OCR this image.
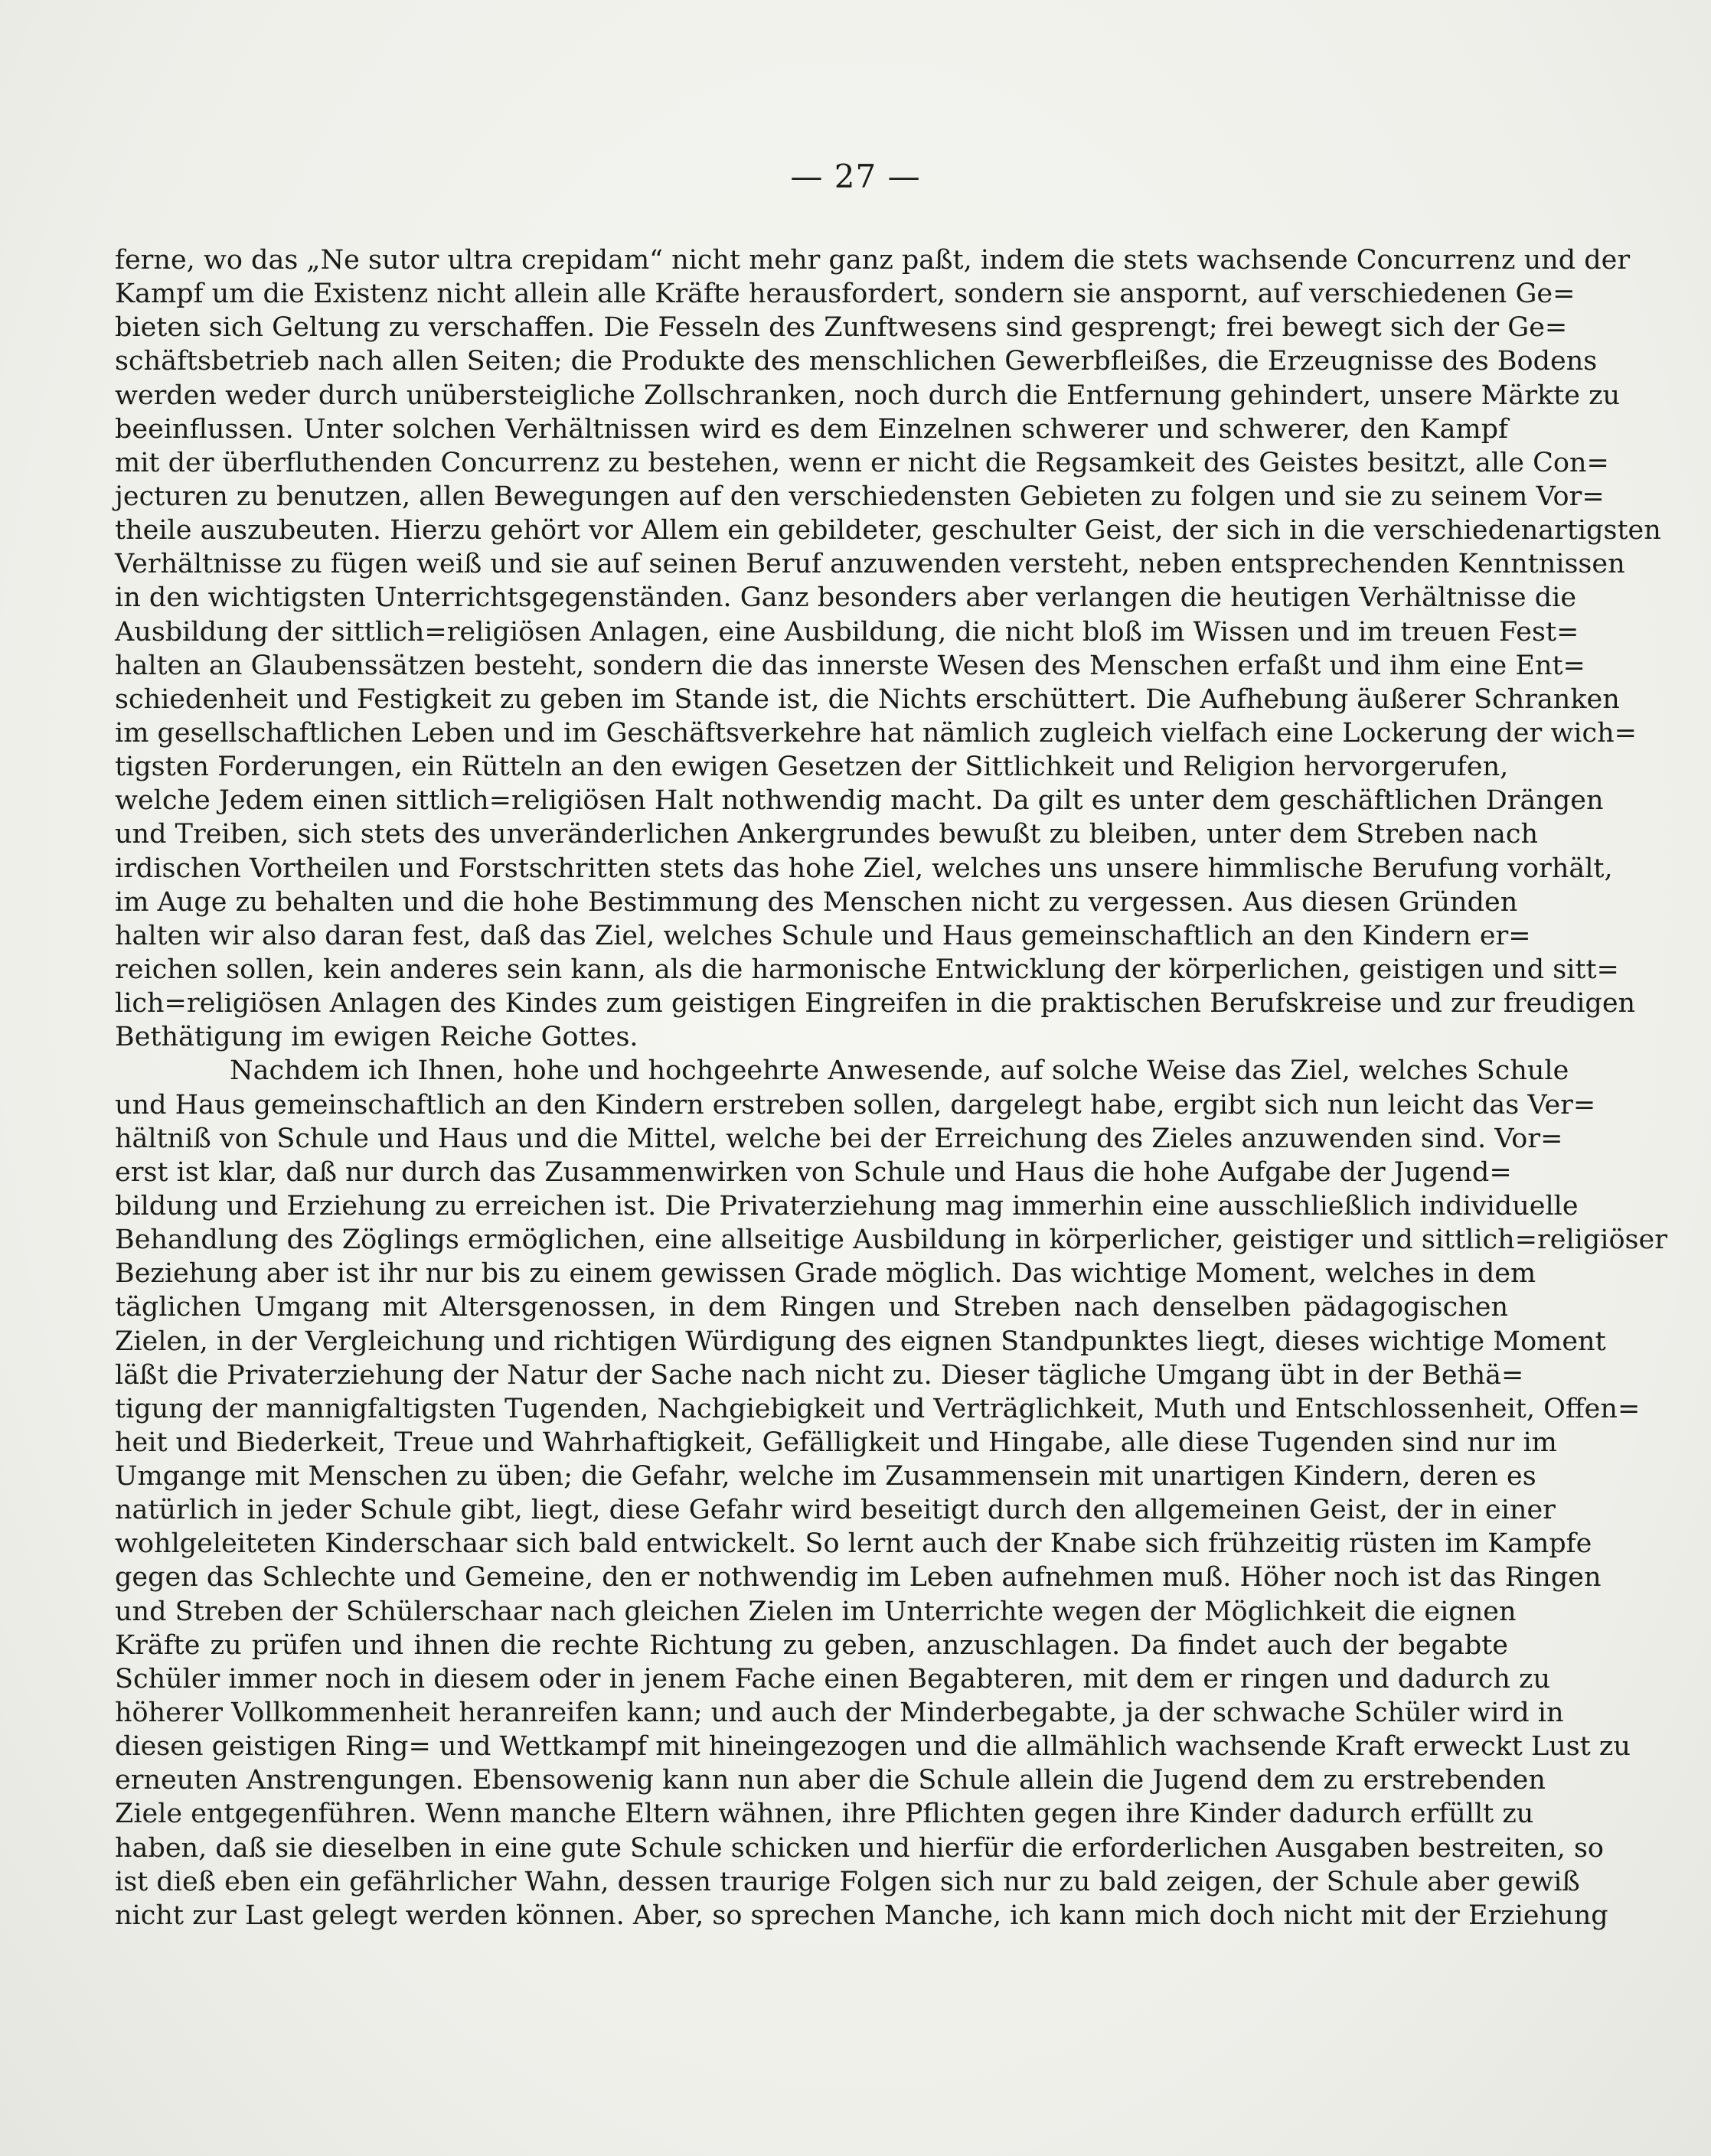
— 27 —
ferne, wo das „Ne sutor ultra crepidam“ nicht mehr ganz paßt, indem die stets wachsende Concurrenz und der
Kampf um die Existenz nicht allein alle Kräfte herausfordert, sondern sie anspornt, auf verschiedenen Ge=
bieten sich Geltung zu verschaffen. Die Fesseln des Zunftwesens sind gesprengt; frei bewegt sich der Ge=
schäftsbetrieb nach allen Seiten; die Produkte des menschlichen Gewerbfleißes, die Erzeugnisse des Bodens
werden weder durch unübersteigliche Zollschranken, noch durch die Entfernung gehindert, unsere Märkte zu
beeinflussen. Unter solchen Verhältnissen wird es dem Einzelnen schwerer und schwerer, den Kampf
mit der überfluthenden Concurrenz zu bestehen, wenn er nicht die Regsamkeit des Geistes besitzt, alle Con=
jecturen zu benutzen, allen Bewegungen auf den verschiedensten Gebieten zu folgen und sie zu seinem Vor=
theile auszubeuten. Hierzu gehört vor Allem ein gebildeter, geschulter Geist, der sich in die verschiedenartigsten
Verhältnisse zu fügen weiß und sie auf seinen Beruf anzuwenden versteht, neben entsprechenden Kenntnissen
in den wichtigsten Unterrichtsgegenständen. Ganz besonders aber verlangen die heutigen Verhältnisse die
Ausbildung der sittlich=religiösen Anlagen, eine Ausbildung, die nicht bloß im Wissen und im treuen Fest=
halten an Glaubenssätzen besteht, sondern die das innerste Wesen des Menschen erfaßt und ihm eine Ent=
schiedenheit und Festigkeit zu geben im Stande ist, die Nichts erschüttert. Die Aufhebung äußerer Schranken
im gesellschaftlichen Leben und im Geschäftsverkehre hat nämlich zugleich vielfach eine Lockerung der wich=
tigsten Forderungen, ein Rütteln an den ewigen Gesetzen der Sittlichkeit und Religion hervorgerufen,
welche Jedem einen sittlich=religiösen Halt nothwendig macht. Da gilt es unter dem geschäftlichen Drängen
und Treiben, sich stets des unveränderlichen Ankergrundes bewußt zu bleiben, unter dem Streben nach
irdischen Vortheilen und Forstschritten stets das hohe Ziel, welches uns unsere himmlische Berufung vorhält,
im Auge zu behalten und die hohe Bestimmung des Menschen nicht zu vergessen. Aus diesen Gründen
halten wir also daran fest, daß das Ziel, welches Schule und Haus gemeinschaftlich an den Kindern er=
reichen sollen, kein anderes sein kann, als die harmonische Entwicklung der körperlichen, geistigen und sitt=
lich=religiösen Anlagen des Kindes zum geistigen Eingreifen in die praktischen Berufskreise und zur freudigen
Bethätigung im ewigen Reiche Gottes.
Nachdem ich Ihnen, hohe und hochgeehrte Anwesende, auf solche Weise das Ziel, welches Schule
und Haus gemeinschaftlich an den Kindern erstreben sollen, dargelegt habe, ergibt sich nun leicht das Ver=
hältniß von Schule und Haus und die Mittel, welche bei der Erreichung des Zieles anzuwenden sind. Vor=
erst ist klar, daß nur durch das Zusammenwirken von Schule und Haus die hohe Aufgabe der Jugend=
bildung und Erziehung zu erreichen ist. Die Privaterziehung mag immerhin eine ausschließlich individuelle
Behandlung des Zöglings ermöglichen, eine allseitige Ausbildung in körperlicher, geistiger und sittlich=religiöser
Beziehung aber ist ihr nur bis zu einem gewissen Grade möglich. Das wichtige Moment, welches in dem
täglichen Umgang mit Altersgenossen, in dem Ringen und Streben nach denselben pädagogischen
Zielen, in der Vergleichung und richtigen Würdigung des eignen Standpunktes liegt, dieses wichtige Moment
läßt die Privaterziehung der Natur der Sache nach nicht zu. Dieser tägliche Umgang übt in der Bethä=
tigung der mannigfaltigsten Tugenden, Nachgiebigkeit und Verträglichkeit, Muth und Entschlossenheit, Offen=
heit und Biederkeit, Treue und Wahrhaftigkeit, Gefälligkeit und Hingabe, alle diese Tugenden sind nur im
Umgange mit Menschen zu üben; die Gefahr, welche im Zusammensein mit unartigen Kindern, deren es
natürlich in jeder Schule gibt, liegt, diese Gefahr wird beseitigt durch den allgemeinen Geist, der in einer
wohlgeleiteten Kinderschaar sich bald entwickelt. So lernt auch der Knabe sich frühzeitig rüsten im Kampfe
gegen das Schlechte und Gemeine, den er nothwendig im Leben aufnehmen muß. Höher noch ist das Ringen
und Streben der Schülerschaar nach gleichen Zielen im Unterrichte wegen der Möglichkeit die eignen
Kräfte zu prüfen und ihnen die rechte Richtung zu geben, anzuschlagen. Da findet auch der begabte
Schüler immer noch in diesem oder in jenem Fache einen Begabteren, mit dem er ringen und dadurch zu
höherer Vollkommenheit heranreifen kann; und auch der Minderbegabte, ja der schwache Schüler wird in
diesen geistigen Ring= und Wettkampf mit hineingezogen und die allmählich wachsende Kraft erweckt Lust zu
erneuten Anstrengungen. Ebensowenig kann nun aber die Schule allein die Jugend dem zu erstrebenden
Ziele entgegenführen. Wenn manche Eltern wähnen, ihre Pflichten gegen ihre Kinder dadurch erfüllt zu
haben, daß sie dieselben in eine gute Schule schicken und hierfür die erforderlichen Ausgaben bestreiten, so
ist dieß eben ein gefährlicher Wahn, dessen traurige Folgen sich nur zu bald zeigen, der Schule aber gewiß
nicht zur Last gelegt werden können. Aber, so sprechen Manche, ich kann mich doch nicht mit der Erziehung
